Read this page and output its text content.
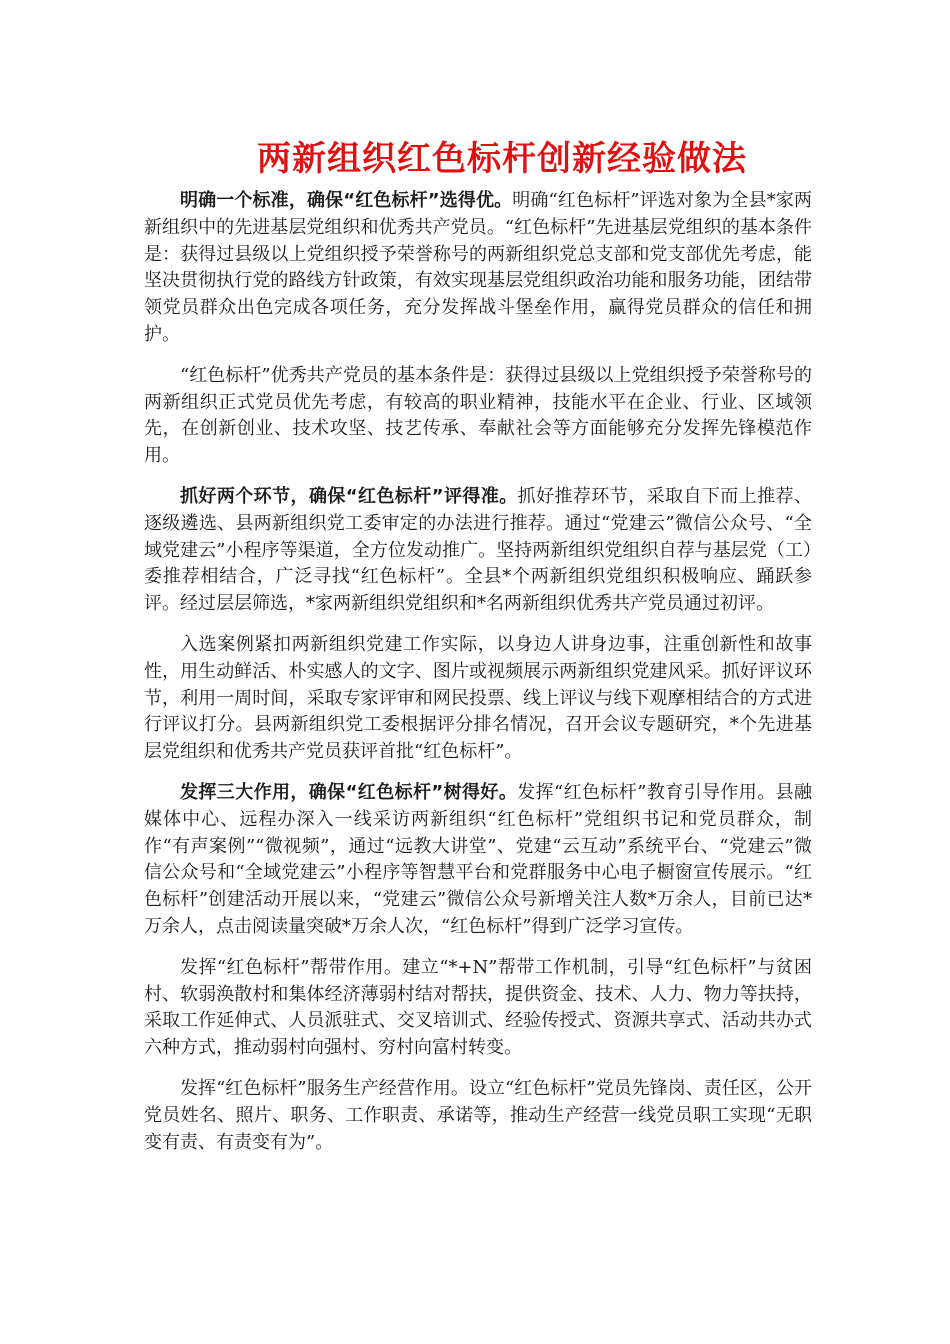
两新组织红色标杆创新经验做法

明确一个标准，确保“红色标杆”选得优。明确“红色标杆”评选对象为全县*家两新组织中的先进基层党组织和优秀共产党员。“红色标杆”先进基层党组织的基本条件是：获得过县级以上党组织授予荣誉称号的两新组织党总支部和党支部优先考虑，能坚决贯彻执行党的路线方针政策，有效实现基层党组织政治功能和服务功能，团结带领党员群众出色完成各项任务，充分发挥战斗堡垒作用，赢得党员群众的信任和拥护。

“红色标杆”优秀共产党员的基本条件是：获得过县级以上党组织授予荣誉称号的两新组织正式党员优先考虑，有较高的职业精神，技能水平在企业、行业、区域领先，在创新创业、技术攻坚、技艺传承、奉献社会等方面能够充分发挥先锋模范作用。

抓好两个环节，确保“红色标杆”评得准。抓好推荐环节，采取自下而上推荐、逐级遴选、县两新组织党工委审定的办法进行推荐。通过“党建云”微信公众号、“全域党建云”小程序等渠道，全方位发动推广。坚持两新组织党组织自荐与基层党（工）委推荐相结合，广泛寻找“红色标杆”。全县*个两新组织党组织积极响应、踊跃参评。经过层层筛选，*家两新组织党组织和*名两新组织优秀共产党员通过初评。

入选案例紧扣两新组织党建工作实际，以身边人讲身边事，注重创新性和故事性，用生动鲜活、朴实感人的文字、图片或视频展示两新组织党建风采。抓好评议环节，利用一周时间，采取专家评审和网民投票、线上评议与线下观摩相结合的方式进行评议打分。县两新组织党工委根据评分排名情况，召开会议专题研究，*个先进基层党组织和优秀共产党员获评首批“红色标杆”。

发挥三大作用，确保“红色标杆”树得好。发挥“红色标杆”教育引导作用。县融媒体中心、远程办深入一线采访两新组织“红色标杆”党组织书记和党员群众，制作“有声案例”“微视频”，通过“远教大讲堂”、党建“云互动”系统平台、“党建云”微信公众号和“全域党建云”小程序等智慧平台和党群服务中心电子橱窗宣传展示。“红色标杆”创建活动开展以来，“党建云”微信公众号新增关注人数*万余人，目前已达*万余人，点击阅读量突破*万余人次，“红色标杆”得到广泛学习宣传。

发挥“红色标杆”帮带作用。建立“*+N”帮带工作机制，引导“红色标杆”与贫困村、软弱涣散村和集体经济薄弱村结对帮扶，提供资金、技术、人力、物力等扶持，采取工作延伸式、人员派驻式、交叉培训式、经验传授式、资源共享式、活动共办式六种方式，推动弱村向强村、穷村向富村转变。

发挥“红色标杆”服务生产经营作用。设立“红色标杆”党员先锋岗、责任区，公开党员姓名、照片、职务、工作职责、承诺等，推动生产经营一线党员职工实现“无职变有责、有责变有为”。
